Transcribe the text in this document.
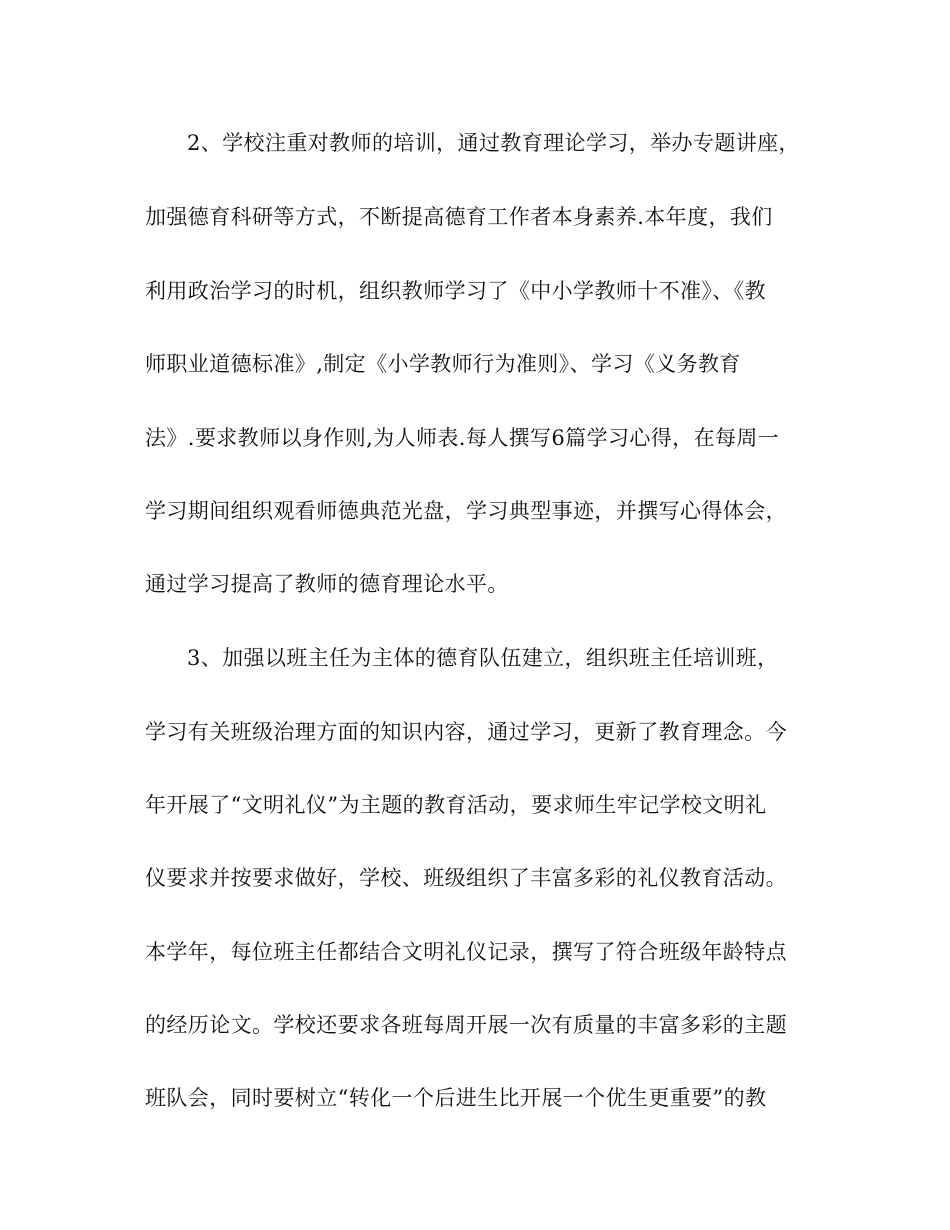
2、学校注重对教师的培训，通过教育理论学习，举办专题讲座，
加强德育科研等方式，不断提高德育工作者本身素养.本年度，我们
利用政治学习的时机，组织教师学习了《中小学教师十不准》、《教
师职业道德标准》,制定《小学教师行为准则》、学习《义务教育
法》.要求教师以身作则,为人师表.每人撰写6篇学习心得，在每周一
学习期间组织观看师德典范光盘，学习典型事迹，并撰写心得体会，
通过学习提高了教师的德育理论水平。
3、加强以班主任为主体的德育队伍建立，组织班主任培训班，
学习有关班级治理方面的知识内容，通过学习，更新了教育理念。今
年开展了“文明礼仪”为主题的教育活动，要求师生牢记学校文明礼
仪要求并按要求做好，学校、班级组织了丰富多彩的礼仪教育活动。
本学年，每位班主任都结合文明礼仪记录，撰写了符合班级年龄特点
的经历论文。学校还要求各班每周开展一次有质量的丰富多彩的主题
班队会，同时要树立“转化一个后进生比开展一个优生更重要”的教
